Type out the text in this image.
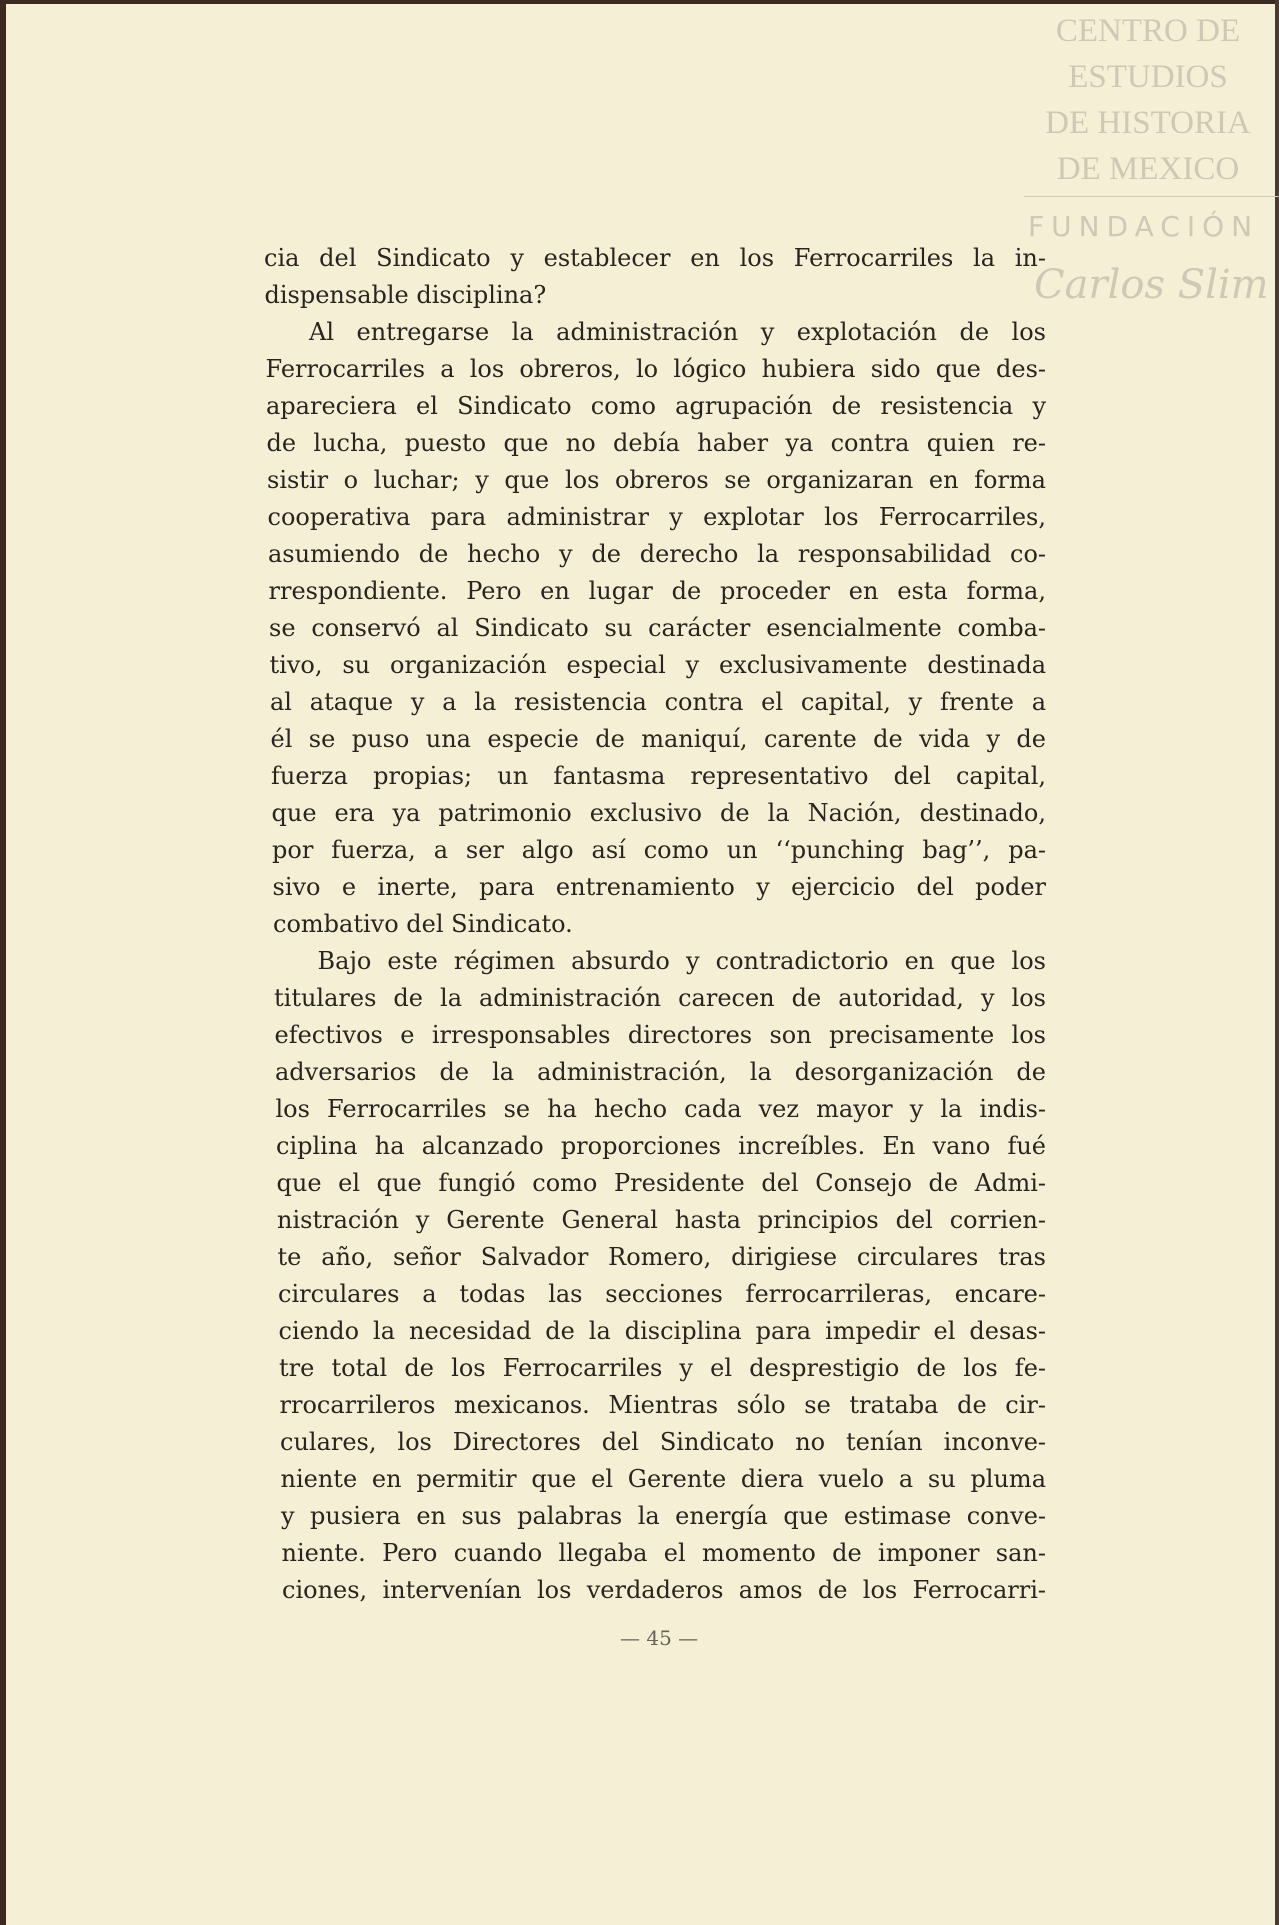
CENTRO DE
ESTUDIOS
DE HISTORIA
DE MEXICO
FUNDACIÓN
Carlos Slim
cia del Sindicato y establecer en los Ferrocarriles la in-
dispensable disciplina?
Al entregarse la administración y explotación de los
Ferrocarriles a los obreros, lo lógico hubiera sido que des-
apareciera el Sindicato como agrupación de resistencia y
de lucha, puesto que no debía haber ya contra quien re-
sistir o luchar; y que los obreros se organizaran en forma
cooperativa para administrar y explotar los Ferrocarriles,
asumiendo de hecho y de derecho la responsabilidad co-
rrespondiente. Pero en lugar de proceder en esta forma,
se conservó al Sindicato su carácter esencialmente comba-
tivo, su organización especial y exclusivamente destinada
al ataque y a la resistencia contra el capital, y frente a
él se puso una especie de maniquí, carente de vida y de
fuerza propias; un fantasma representativo del capital,
que era ya patrimonio exclusivo de la Nación, destinado,
por fuerza, a ser algo así como un ‘‘punching bag’’, pa-
sivo e inerte, para entrenamiento y ejercicio del poder
combativo del Sindicato.
Bajo este régimen absurdo y contradictorio en que los
titulares de la administración carecen de autoridad, y los
efectivos e irresponsables directores son precisamente los
adversarios de la administración, la desorganización de
los Ferrocarriles se ha hecho cada vez mayor y la indis-
ciplina ha alcanzado proporciones increíbles. En vano fué
que el que fungió como Presidente del Consejo de Admi-
nistración y Gerente General hasta principios del corrien-
te año, señor Salvador Romero, dirigiese circulares tras
circulares a todas las secciones ferrocarrileras, encare-
ciendo la necesidad de la disciplina para impedir el desas-
tre total de los Ferrocarriles y el desprestigio de los fe-
rrocarrileros mexicanos. Mientras sólo se trataba de cir-
culares, los Directores del Sindicato no tenían inconve-
niente en permitir que el Gerente diera vuelo a su pluma
y pusiera en sus palabras la energía que estimase conve-
niente. Pero cuando llegaba el momento de imponer san-
ciones, intervenían los verdaderos amos de los Ferrocarri-
— 45 —
